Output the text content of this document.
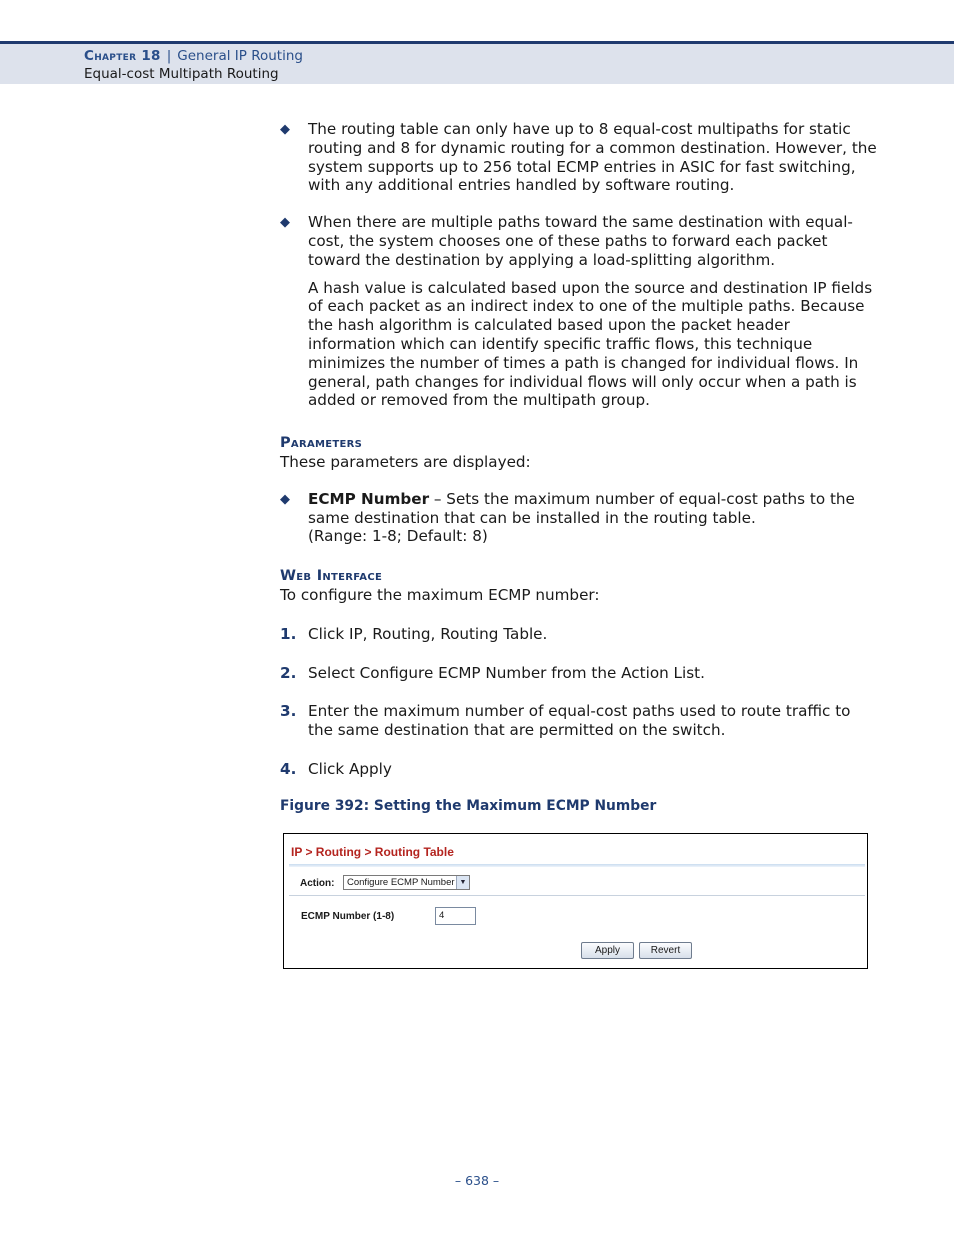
Chapter 18 | General IP Routing
Equal-cost Multipath Routing
◆ The routing table can only have up to 8 equal-cost multipaths for static routing and 8 for dynamic routing for a common destination. However, the system supports up to 256 total ECMP entries in ASIC for fast switching, with any additional entries handled by software routing.
◆ When there are multiple paths toward the same destination with equal-cost, the system chooses one of these paths to forward each packet toward the destination by applying a load-splitting algorithm.
A hash value is calculated based upon the source and destination IP fields of each packet as an indirect index to one of the multiple paths. Because the hash algorithm is calculated based upon the packet header information which can identify specific traffic flows, this technique minimizes the number of times a path is changed for individual flows. In general, path changes for individual flows will only occur when a path is added or removed from the multipath group.
Parameters
These parameters are displayed:
◆ ECMP Number – Sets the maximum number of equal-cost paths to the same destination that can be installed in the routing table.
(Range: 1-8; Default: 8)
Web Interface
To configure the maximum ECMP number:
1. Click IP, Routing, Routing Table.
2. Select Configure ECMP Number from the Action List.
3. Enter the maximum number of equal-cost paths used to route traffic to the same destination that are permitted on the switch.
4. Click Apply
Figure 392: Setting the Maximum ECMP Number
IP > Routing > Routing Table
Action:	Configure ECMP Number ▼
ECMP Number (1-8)	4
Apply	Revert
– 638 –
